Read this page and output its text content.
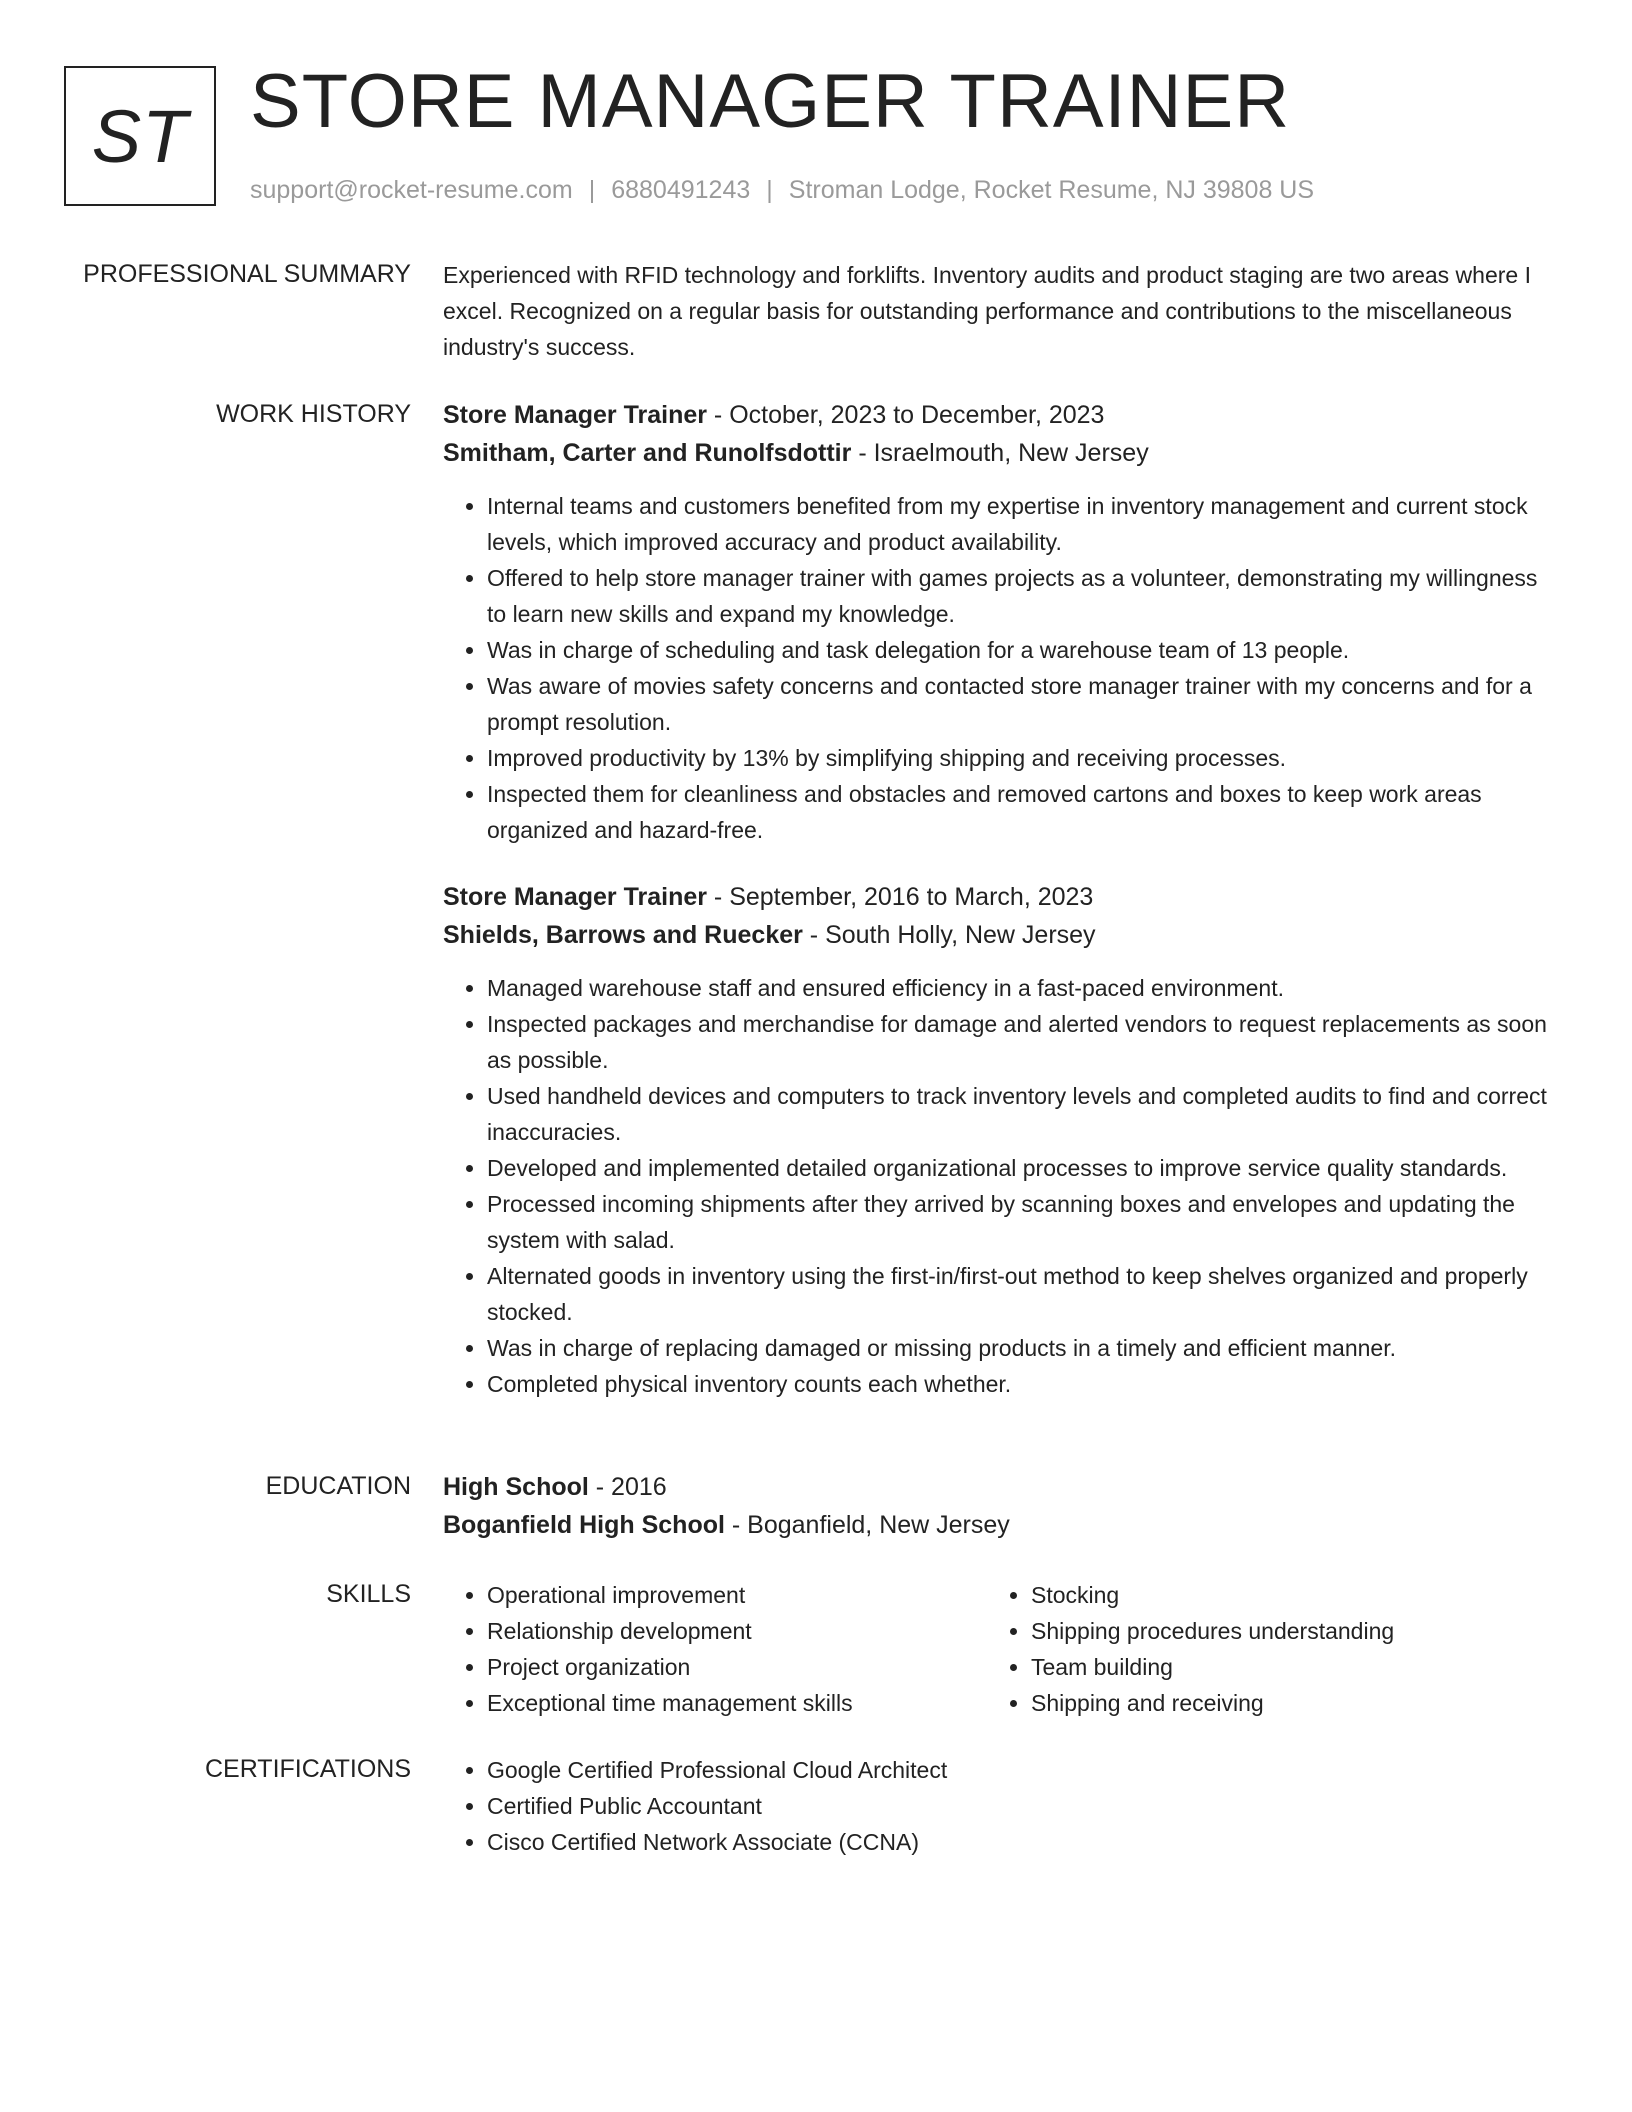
ST STORE MANAGER TRAINER
support@rocket-resume.com | 6880491243 | Stroman Lodge, Rocket Resume, NJ 39808 US
PROFESSIONAL SUMMARY Experienced with RFID technology and forklifts. Inventory audits and product staging are two areas where I excel. Recognized on a regular basis for outstanding performance and contributions to the miscellaneous industry's success.

WORK HISTORY Store Manager Trainer - October, 2023 to December, 2023

Smitham, Carter and Runolfsdottir - Israelmouth, New Jersey

• Internal teams and customers benefited from my expertise in inventory management and current stock levels, which improved accuracy and product availability.
• Offered to help store manager trainer with games projects as a volunteer, demonstrating my willingness to learn new skills and expand my knowledge.
• Was in charge of scheduling and task delegation for a warehouse team of 13 people.
• Was aware of movies safety concerns and contacted store manager trainer with my concerns and for a prompt resolution.
• Improved productivity by 13% by simplifying shipping and receiving processes.
• Inspected them for cleanliness and obstacles and removed cartons and boxes to keep work areas organized and hazard-free.

Store Manager Trainer - September, 2016 to March, 2023

Shields, Barrows and Ruecker - South Holly, New Jersey

• Managed warehouse staff and ensured efficiency in a fast-paced environment.
• Inspected packages and merchandise for damage and alerted vendors to request replacements as soon as possible.
• Used handheld devices and computers to track inventory levels and completed audits to find and correct inaccuracies.
• Developed and implemented detailed organizational processes to improve service quality standards.
• Processed incoming shipments after they arrived by scanning boxes and envelopes and updating the system with salad.
• Alternated goods in inventory using the first-in/first-out method to keep shelves organized and properly stocked.
• Was in charge of replacing damaged or missing products in a timely and efficient manner.
• Completed physical inventory counts each whether.
EDUCATION High School - 2016

Boganfield High School - Boganfield, New Jersey

SKILLS	• Operational improvement
• Relationship development
• Project organization
• Exceptional time management skills
• Stocking
• Shipping procedures understanding
• Team building
• Shipping and receiving
CERTIFICATIONS	• Google Certified Professional Cloud Architect
• Certified Public Accountant
• Cisco Certified Network Associate (CCNA)
